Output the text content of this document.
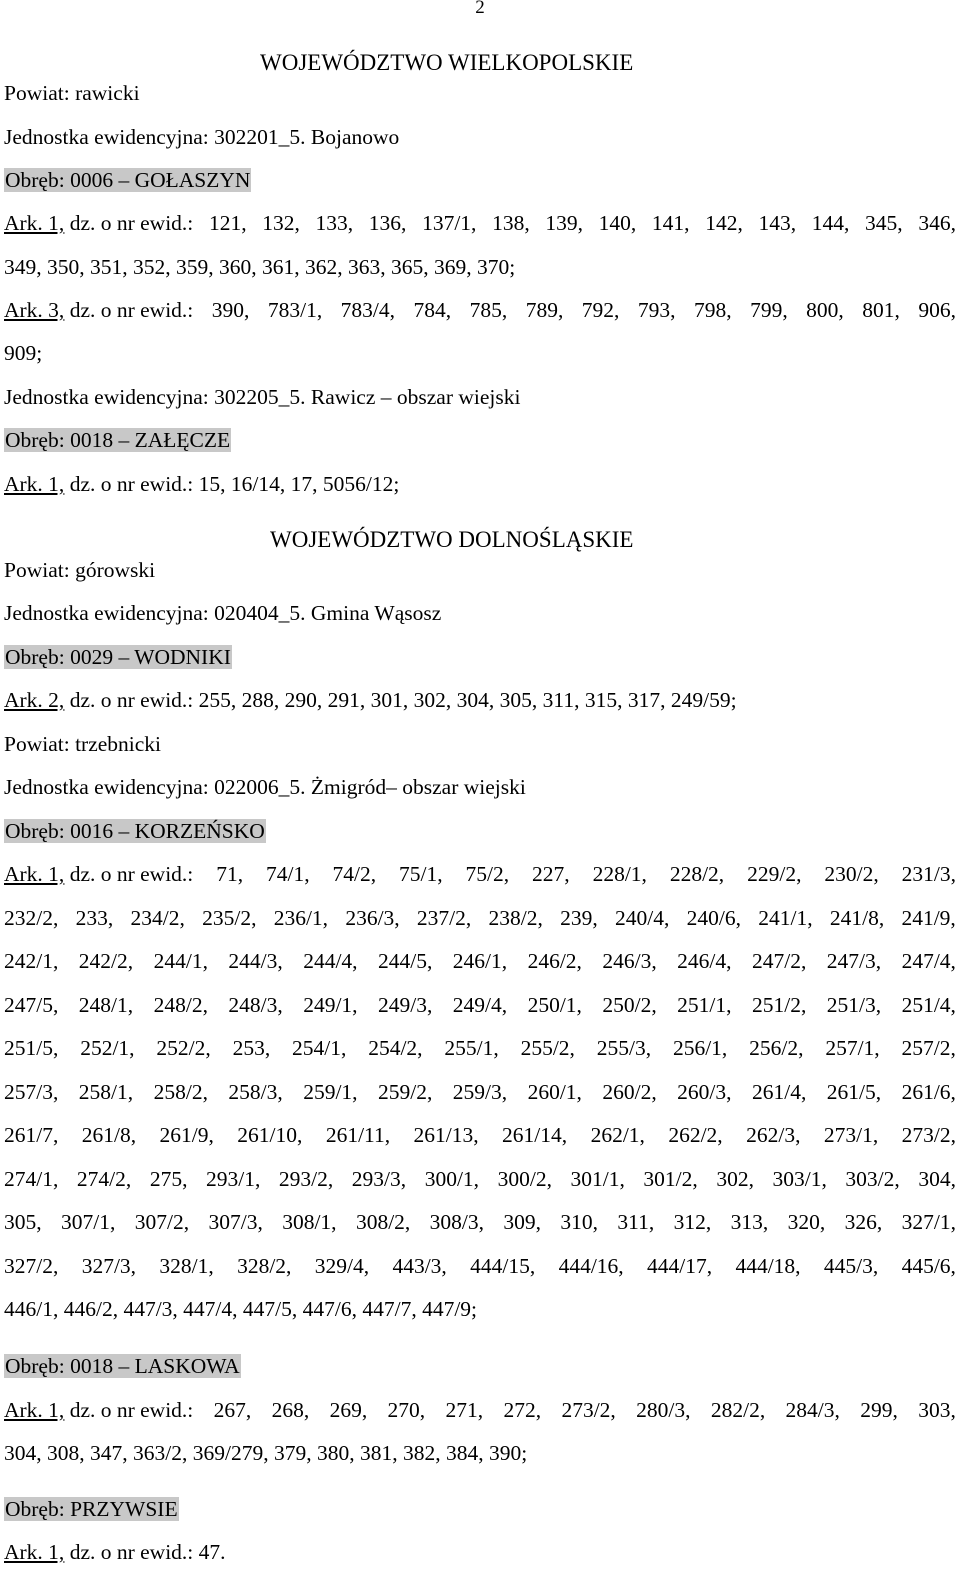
2
WOJEWÓDZTWO WIELKOPOLSKIE
Powiat: rawicki
Jednostka ewidencyjna: 302201_5. Bojanowo
Obręb: 0006 – GOŁASZYN
Ark. 1, dz. o nr ewid.: 121, 132, 133, 136, 137/1, 138, 139, 140, 141, 142, 143, 144, 345, 346,
349, 350, 351, 352, 359, 360, 361, 362, 363, 365, 369, 370;
Ark. 3, dz. o nr ewid.: 390, 783/1, 783/4, 784, 785, 789, 792, 793, 798, 799, 800, 801, 906,
909;
Jednostka ewidencyjna: 302205_5. Rawicz – obszar wiejski
Obręb: 0018 – ZAŁĘCZE
Ark. 1, dz. o nr ewid.: 15, 16/14, 17, 5056/12;
WOJEWÓDZTWO DOLNOŚLĄSKIE
Powiat: górowski
Jednostka ewidencyjna: 020404_5. Gmina Wąsosz
Obręb: 0029 – WODNIKI
Ark. 2, dz. o nr ewid.: 255, 288, 290, 291, 301, 302, 304, 305, 311, 315, 317, 249/59;
Powiat: trzebnicki
Jednostka ewidencyjna: 022006_5. Żmigród– obszar wiejski
Obręb: 0016 – KORZEŃSKO
Ark. 1, dz. o nr ewid.: 71, 74/1, 74/2, 75/1, 75/2, 227, 228/1, 228/2, 229/2, 230/2, 231/3,
232/2, 233, 234/2, 235/2, 236/1, 236/3, 237/2, 238/2, 239, 240/4, 240/6, 241/1, 241/8, 241/9,
242/1, 242/2, 244/1, 244/3, 244/4, 244/5, 246/1, 246/2, 246/3, 246/4, 247/2, 247/3, 247/4,
247/5, 248/1, 248/2, 248/3, 249/1, 249/3, 249/4, 250/1, 250/2, 251/1, 251/2, 251/3, 251/4,
251/5, 252/1, 252/2, 253, 254/1, 254/2, 255/1, 255/2, 255/3, 256/1, 256/2, 257/1, 257/2,
257/3, 258/1, 258/2, 258/3, 259/1, 259/2, 259/3, 260/1, 260/2, 260/3, 261/4, 261/5, 261/6,
261/7, 261/8, 261/9, 261/10, 261/11, 261/13, 261/14, 262/1, 262/2, 262/3, 273/1, 273/2,
274/1, 274/2, 275, 293/1, 293/2, 293/3, 300/1, 300/2, 301/1, 301/2, 302, 303/1, 303/2, 304,
305, 307/1, 307/2, 307/3, 308/1, 308/2, 308/3, 309, 310, 311, 312, 313, 320, 326, 327/1,
327/2, 327/3, 328/1, 328/2, 329/4, 443/3, 444/15, 444/16, 444/17, 444/18, 445/3, 445/6,
446/1, 446/2, 447/3, 447/4, 447/5, 447/6, 447/7, 447/9;
Obręb: 0018 – LASKOWA
Ark. 1, dz. o nr ewid.: 267, 268, 269, 270, 271, 272, 273/2, 280/3, 282/2, 284/3, 299, 303,
304, 308, 347, 363/2, 369/279, 379, 380, 381, 382, 384, 390;
Obręb: PRZYWSIE
Ark. 1, dz. o nr ewid.: 47.
